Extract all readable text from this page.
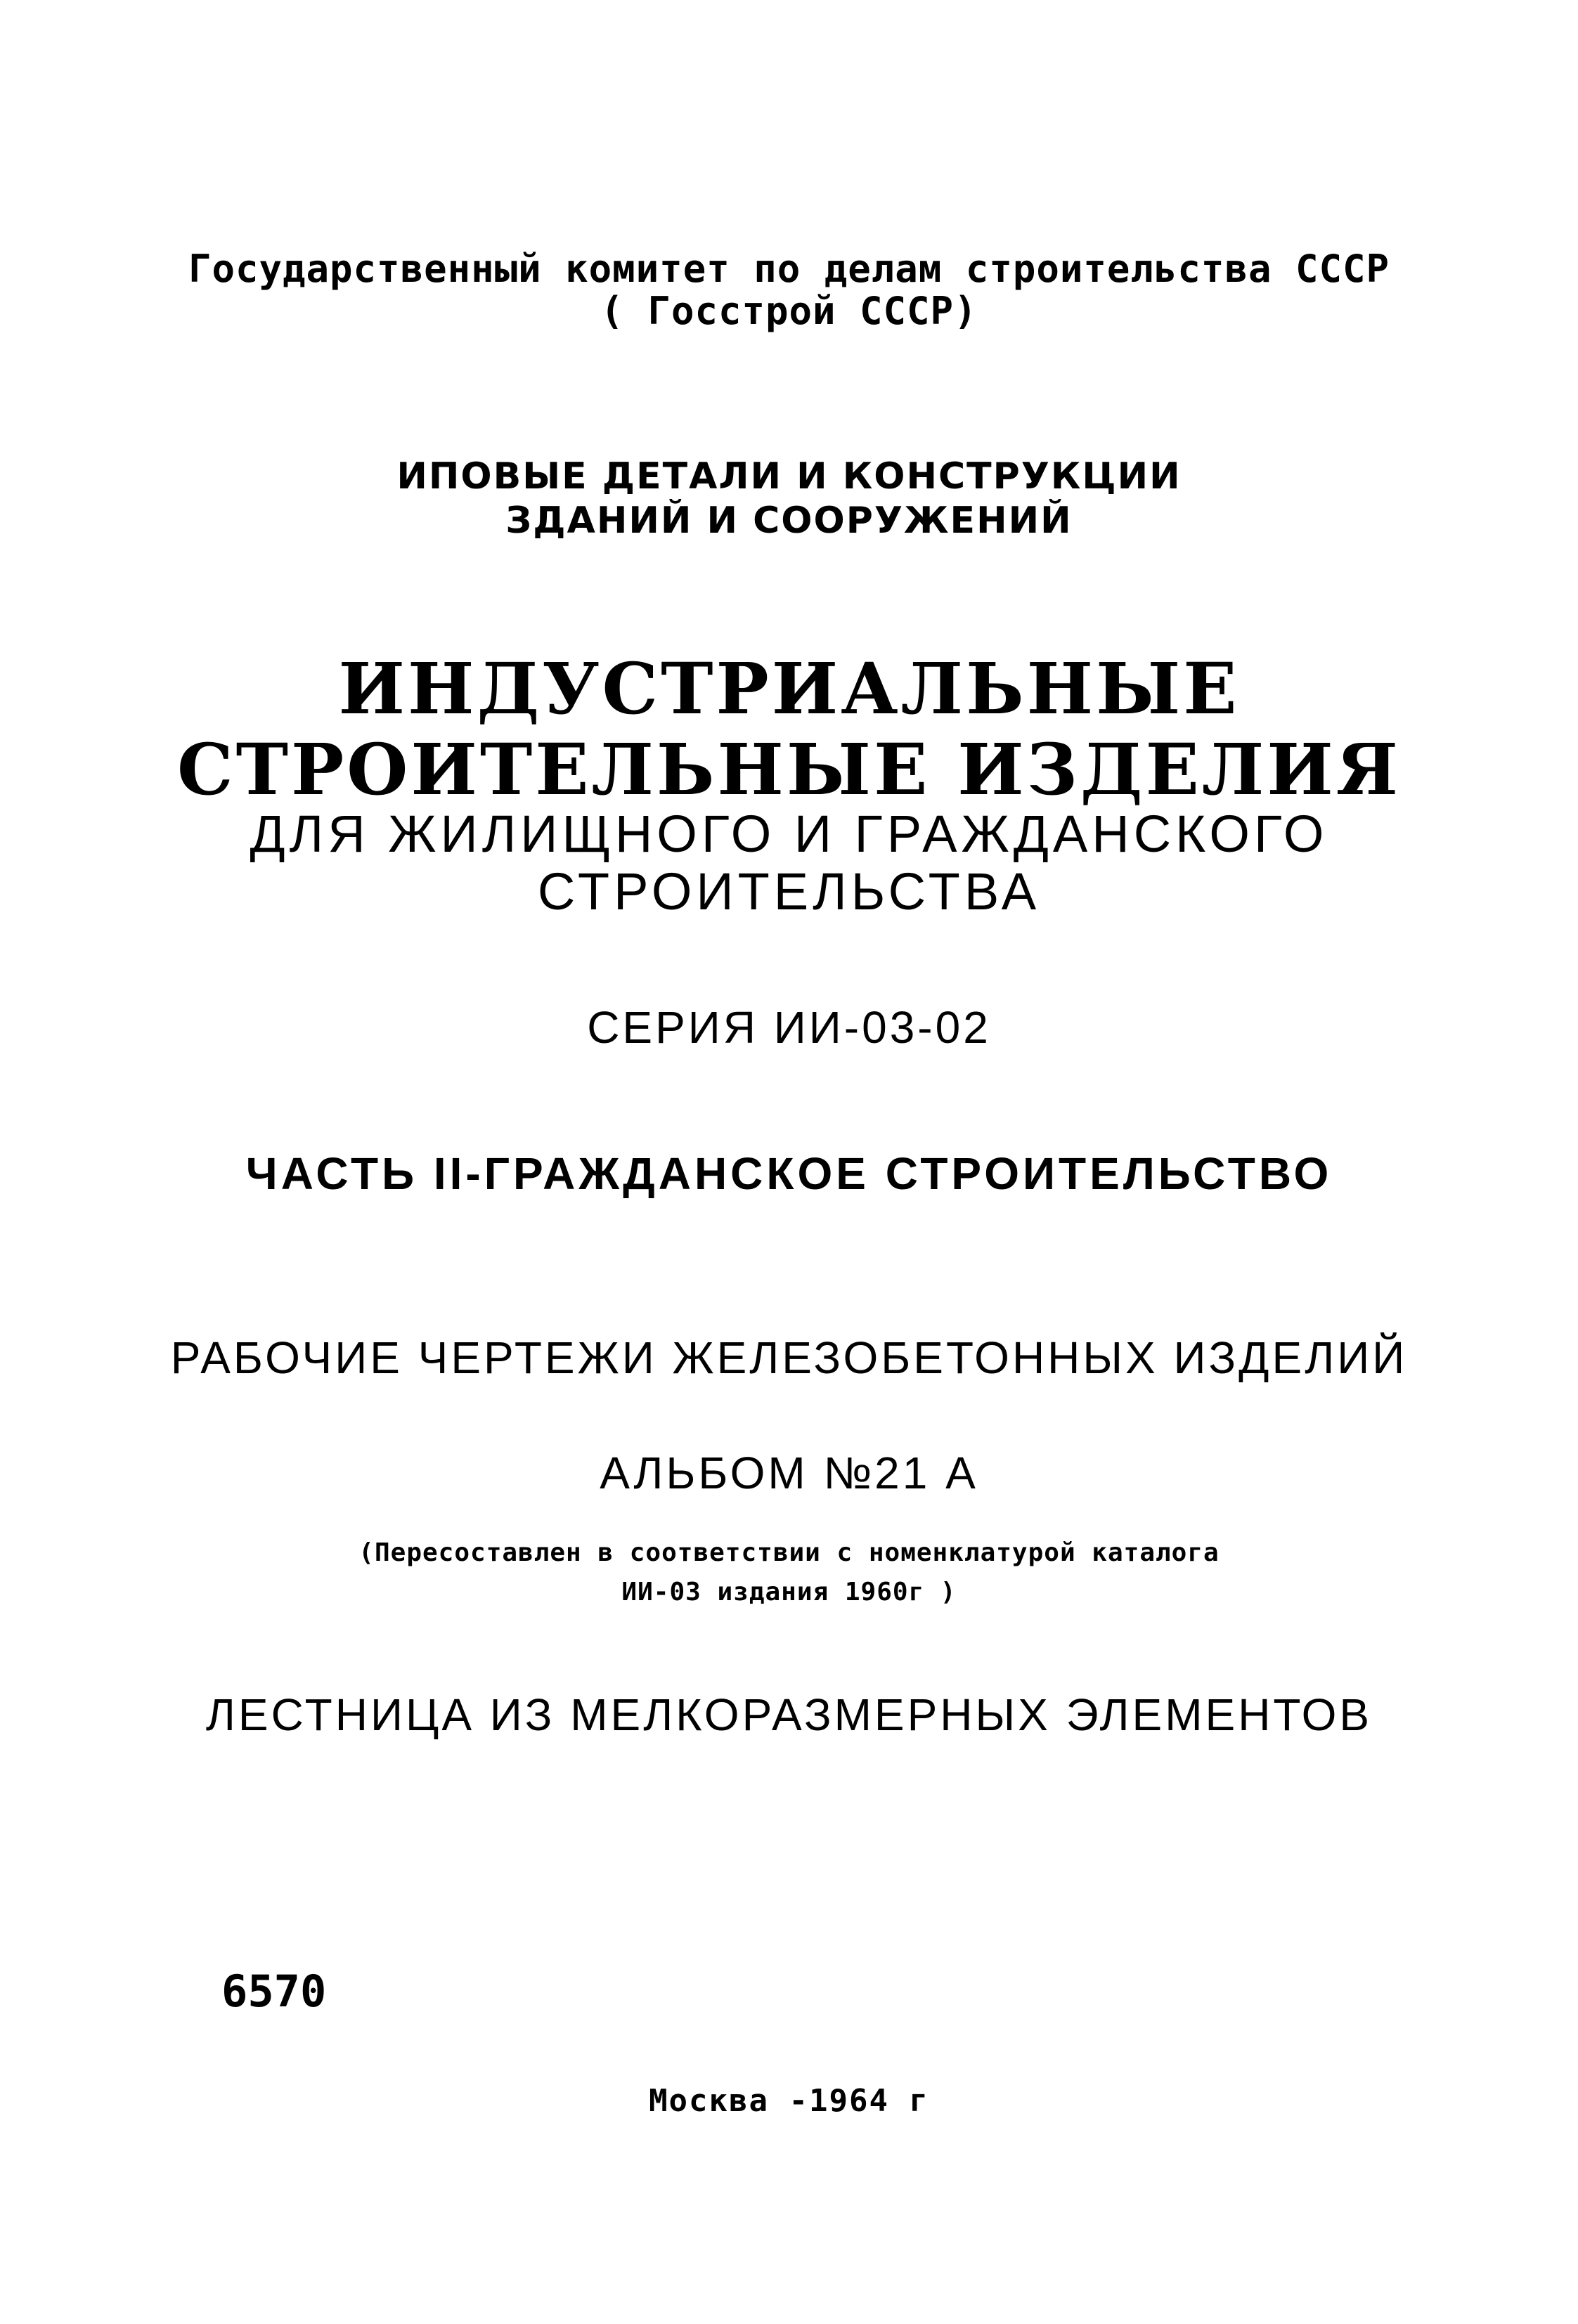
Государственный комитет по делам строительства СССР

( Госстрой СССР)

ИПОВЫЕ ДЕТАЛИ И КОНСТРУКЦИИ

ЗДАНИЙ И СООРУЖЕНИЙ

ИНДУСТРИАЛЬНЫЕ

СТРОИТЕЛЬНЫЕ ИЗДЕЛИЯ

ДЛЯ ЖИЛИЩНОГО И ГРАЖДАНСКОГО

СТРОИТЕЛЬСТВА

СЕРИЯ ИИ-03-02

ЧАСТЬ II-ГРАЖДАНСКОЕ СТРОИТЕЛЬСТВО

РАБОЧИЕ ЧЕРТЕЖИ ЖЕЛЕЗОБЕТОННЫХ ИЗДЕЛИЙ

АЛЬБОМ №21 А

(Пересоставлен в соответствии с номенклатурой каталога

ИИ-03 издания 1960г )

ЛЕСТНИЦА ИЗ МЕЛКОРАЗМЕРНЫХ ЭЛЕМЕНТОВ

6570

Москва -1964 г
